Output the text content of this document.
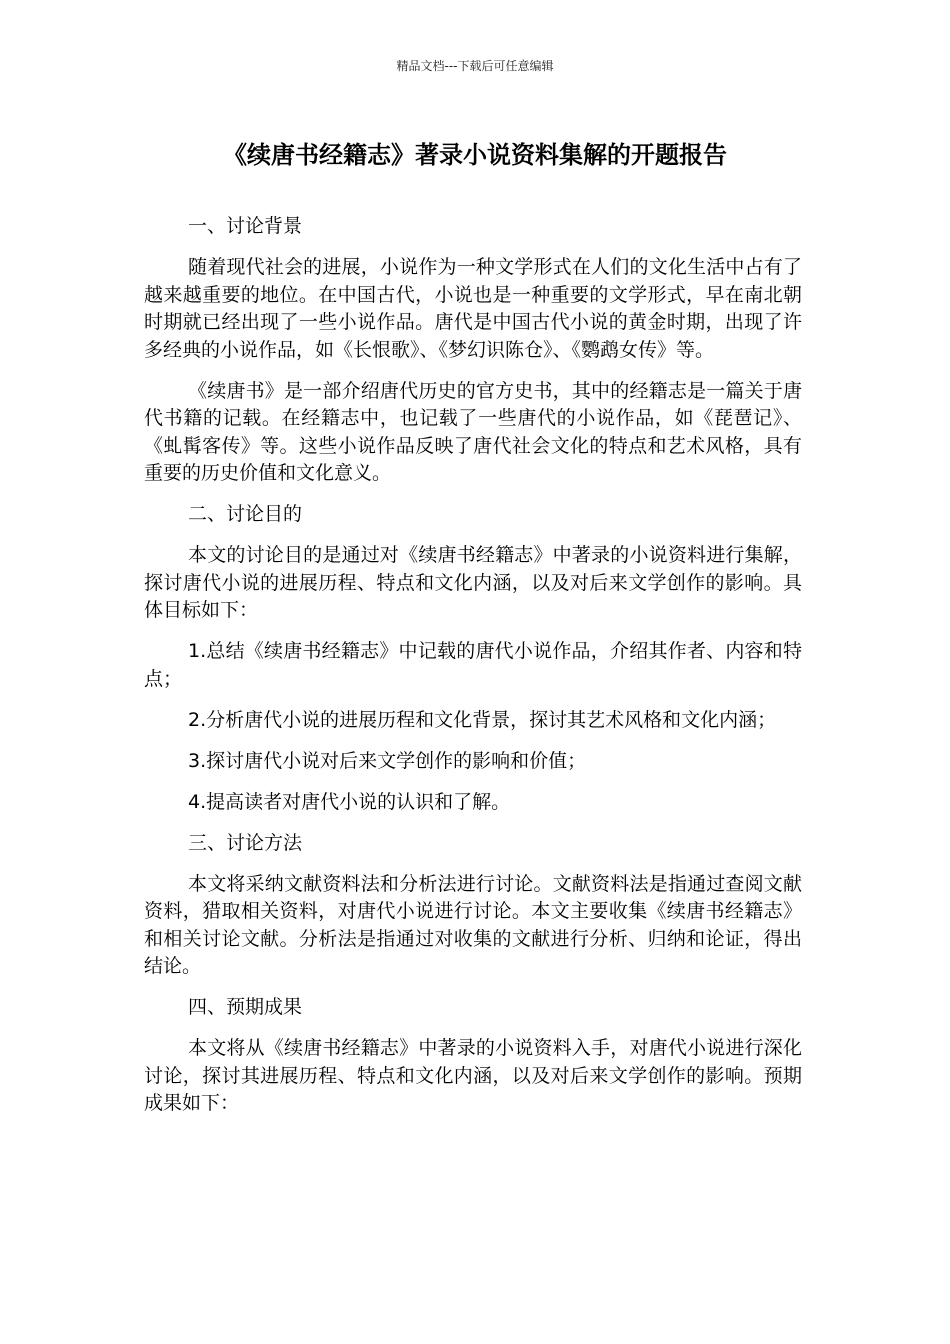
精品文档---下载后可任意编辑
《续唐书经籍志》著录小说资料集解的开题报告

一、讨论背景

随着现代社会的进展，小说作为一种文学形式在人们的文化生活中占有了越来越重要的地位。在中国古代，小说也是一种重要的文学形式，早在南北朝时期就已经出现了一些小说作品。唐代是中国古代小说的黄金时期，出现了许多经典的小说作品，如《长恨歌》、《梦幻识陈仓》、《鹦鹉女传》等。

《续唐书》是一部介绍唐代历史的官方史书，其中的经籍志是一篇关于唐代书籍的记载。在经籍志中，也记载了一些唐代的小说作品，如《琵琶记》、《虬髯客传》等。这些小说作品反映了唐代社会文化的特点和艺术风格，具有重要的历史价值和文化意义。

二、讨论目的

本文的讨论目的是通过对《续唐书经籍志》中著录的小说资料进行集解，探讨唐代小说的进展历程、特点和文化内涵，以及对后来文学创作的影响。具体目标如下：

1.总结《续唐书经籍志》中记载的唐代小说作品，介绍其作者、内容和特点；

2.分析唐代小说的进展历程和文化背景，探讨其艺术风格和文化内涵；

3.探讨唐代小说对后来文学创作的影响和价值；

4.提高读者对唐代小说的认识和了解。

三、讨论方法

本文将采纳文献资料法和分析法进行讨论。文献资料法是指通过查阅文献资料，猎取相关资料，对唐代小说进行讨论。本文主要收集《续唐书经籍志》和相关讨论文献。分析法是指通过对收集的文献进行分析、归纳和论证，得出结论。

四、预期成果

本文将从《续唐书经籍志》中著录的小说资料入手，对唐代小说进行深化讨论，探讨其进展历程、特点和文化内涵，以及对后来文学创作的影响。预期成果如下：
